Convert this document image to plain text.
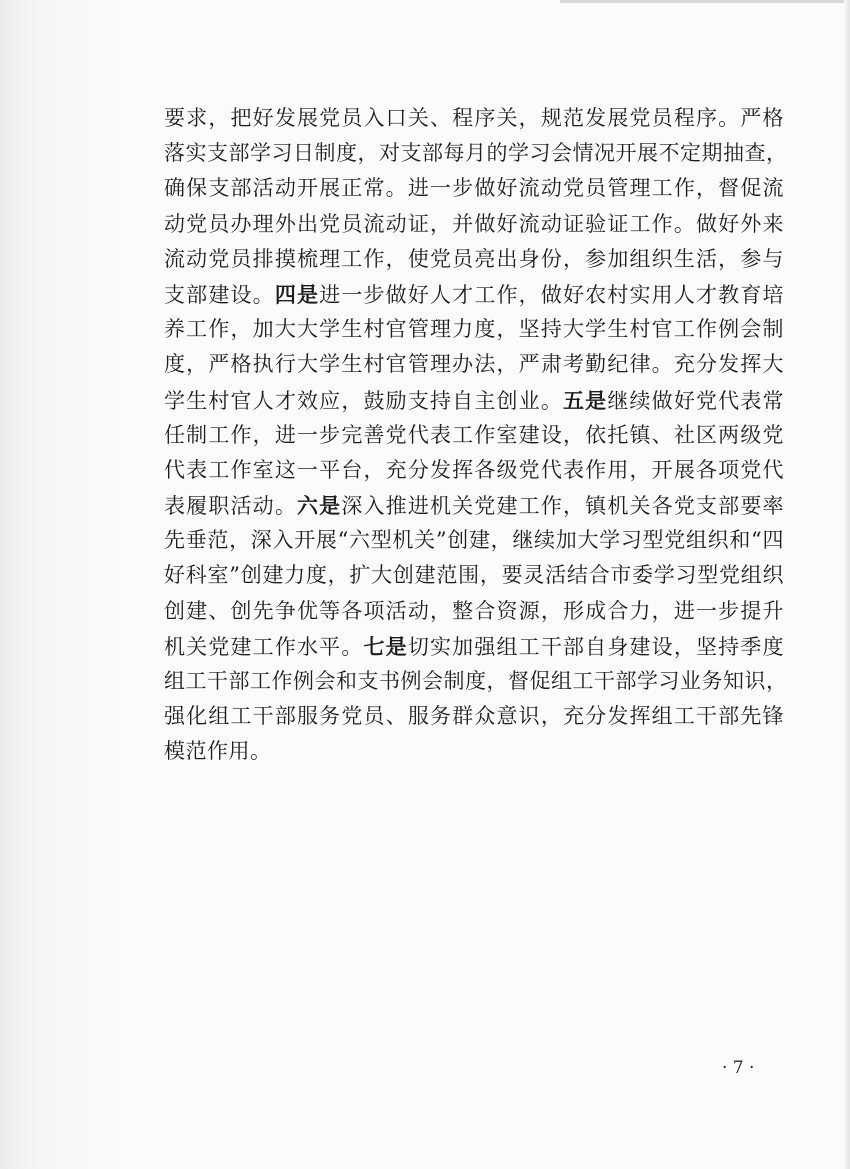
要求，把好发展党员入口关、程序关，规范发展党员程序。严格
落实支部学习日制度，对支部每月的学习会情况开展不定期抽查，
确保支部活动开展正常。进一步做好流动党员管理工作，督促流
动党员办理外出党员流动证，并做好流动证验证工作。做好外来
流动党员排摸梳理工作，使党员亮出身份，参加组织生活，参与
支部建设。四是进一步做好人才工作，做好农村实用人才教育培
养工作，加大大学生村官管理力度，坚持大学生村官工作例会制
度，严格执行大学生村官管理办法，严肃考勤纪律。充分发挥大
学生村官人才效应，鼓励支持自主创业。五是继续做好党代表常
任制工作，进一步完善党代表工作室建设，依托镇、社区两级党
代表工作室这一平台，充分发挥各级党代表作用，开展各项党代
表履职活动。六是深入推进机关党建工作，镇机关各党支部要率
先垂范，深入开展“六型机关”创建，继续加大学习型党组织和“四
好科室”创建力度，扩大创建范围，要灵活结合市委学习型党组织
创建、创先争优等各项活动，整合资源，形成合力，进一步提升
机关党建工作水平。七是切实加强组工干部自身建设，坚持季度
组工干部工作例会和支书例会制度，督促组工干部学习业务知识，
强化组工干部服务党员、服务群众意识，充分发挥组工干部先锋
模范作用。
· 7 ·
